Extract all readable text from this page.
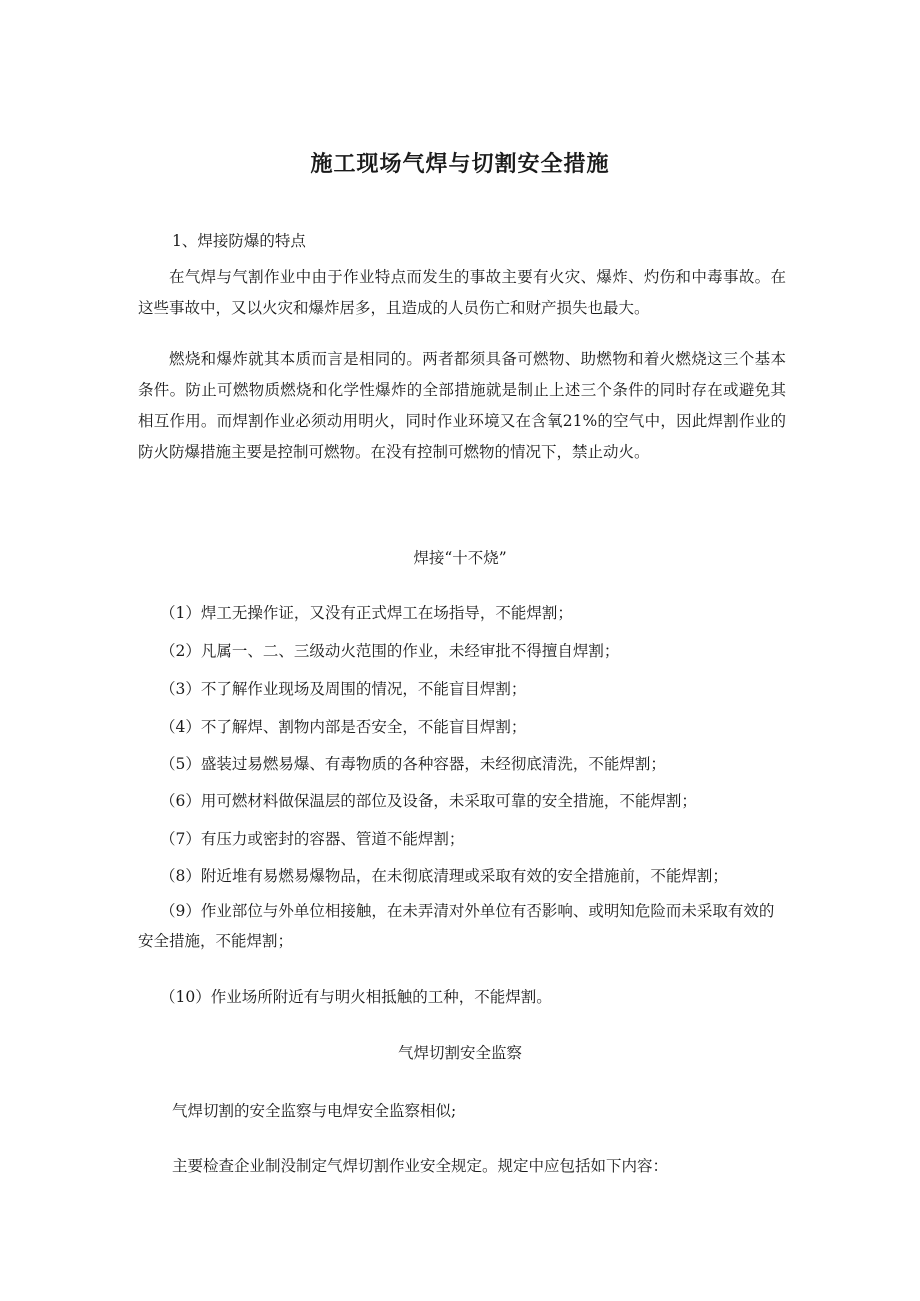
施工现场气焊与切割安全措施

1、焊接防爆的特点

在气焊与气割作业中由于作业特点而发生的事故主要有火灾、爆炸、灼伤和中毒事故。在这些事故中，又以火灾和爆炸居多，且造成的人员伤亡和财产损失也最大。

燃烧和爆炸就其本质而言是相同的。两者都须具备可燃物、助燃物和着火燃烧这三个基本条件。防止可燃物质燃烧和化学性爆炸的全部措施就是制止上述三个条件的同时存在或避免其相互作用。而焊割作业必须动用明火，同时作业环境又在含氧21%的空气中，因此焊割作业的防火防爆措施主要是控制可燃物。在没有控制可燃物的情况下，禁止动火。

焊接“十不烧”

（1）焊工无操作证，又没有正式焊工在场指导，不能焊割；

（2）凡属一、二、三级动火范围的作业，未经审批不得擅自焊割；

（3）不了解作业现场及周围的情况，不能盲目焊割；

（4）不了解焊、割物内部是否安全，不能盲目焊割；

（5）盛装过易燃易爆、有毒物质的各种容器，未经彻底清洗，不能焊割；

（6）用可燃材料做保温层的部位及设备，未采取可靠的安全措施，不能焊割；

（7）有压力或密封的容器、管道不能焊割；

（8）附近堆有易燃易爆物品，在未彻底清理或采取有效的安全措施前，不能焊割；

（9）作业部位与外单位相接触，在未弄清对外单位有否影响、或明知危险而未采取有效的安全措施，不能焊割；

（10）作业场所附近有与明火相抵触的工种，不能焊割。

气焊切割安全监察

气焊切割的安全监察与电焊安全监察相似;

主要检查企业制没制定气焊切割作业安全规定。规定中应包括如下内容：
